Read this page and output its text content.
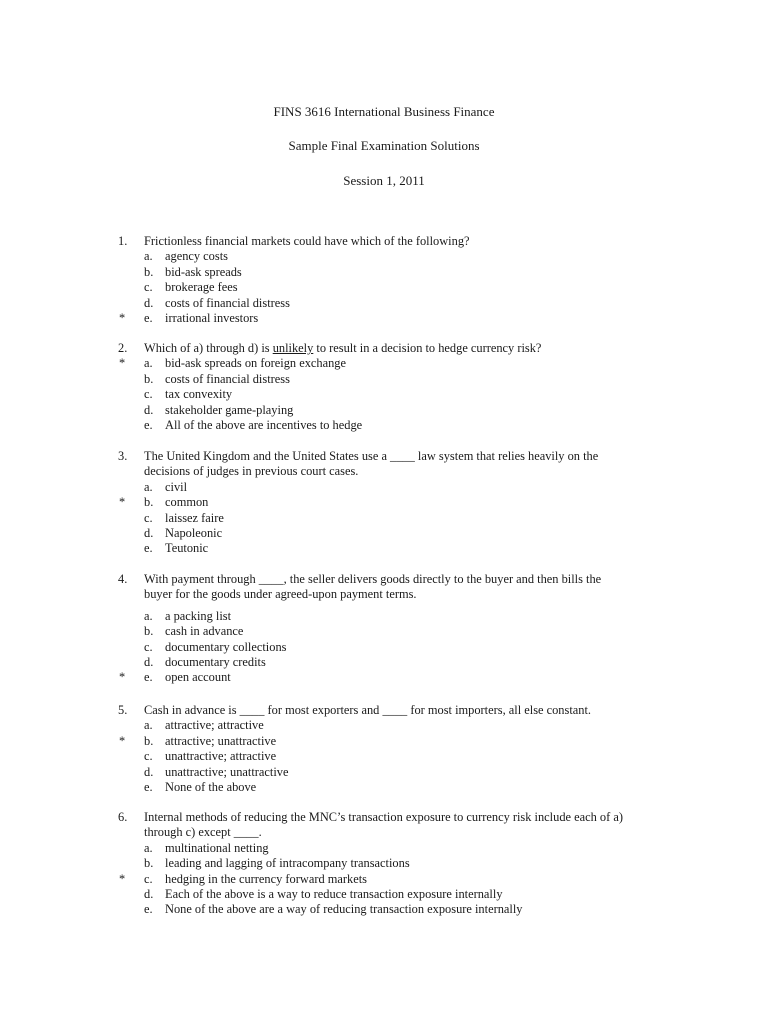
FINS 3616 International Business Finance
Sample Final Examination Solutions
Session 1, 2011
1. Frictionless financial markets could have which of the following?
a. agency costs
b. bid-ask spreads
c. brokerage fees
d. costs of financial distress
* e. irrational investors
2. Which of a) through d) is unlikely to result in a decision to hedge currency risk?
* a. bid-ask spreads on foreign exchange
b. costs of financial distress
c. tax convexity
d. stakeholder game-playing
e. All of the above are incentives to hedge
3. The United Kingdom and the United States use a ____ law system that relies heavily on the
decisions of judges in previous court cases.
a. civil
* b. common
c. laissez faire
d. Napoleonic
e. Teutonic
4. With payment through ____, the seller delivers goods directly to the buyer and then bills the
buyer for the goods under agreed-upon payment terms.
a. a packing list
b. cash in advance
c. documentary collections
d. documentary credits
* e. open account
5. Cash in advance is ____ for most exporters and ____ for most importers, all else constant.
a. attractive; attractive
* b. attractive; unattractive
c. unattractive; attractive
d. unattractive; unattractive
e. None of the above
6. Internal methods of reducing the MNC’s transaction exposure to currency risk include each of a)
through c) except ____.
a. multinational netting
b. leading and lagging of intracompany transactions
* c. hedging in the currency forward markets
d. Each of the above is a way to reduce transaction exposure internally
e. None of the above are a way of reducing transaction exposure internally
